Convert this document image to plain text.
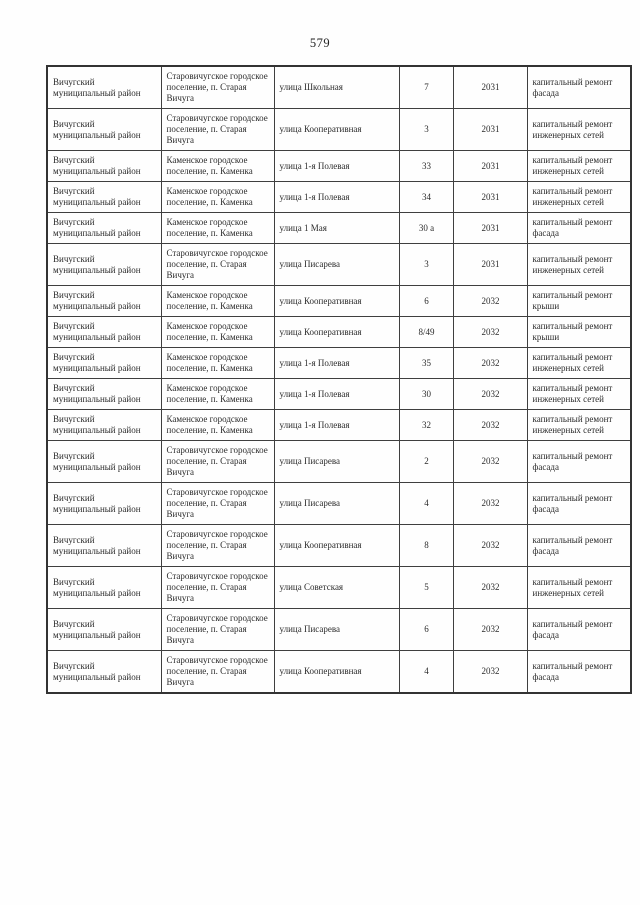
579
Вичугский муниципальный район	Старовичугское городское поселение, п. Старая Вичуга	улица Школьная	7	2031	капитальный ремонт фасада
Вичугский муниципальный район	Старовичугское городское поселение, п. Старая Вичуга	улица Кооперативная	3	2031	капитальный ремонт инженерных сетей
Вичугский муниципальный район	Каменское городское поселение, п. Каменка	улица 1-я Полевая	33	2031	капитальный ремонт инженерных сетей
Вичугский муниципальный район	Каменское городское поселение, п. Каменка	улица 1-я Полевая	34	2031	капитальный ремонт инженерных сетей
Вичугский муниципальный район	Каменское городское поселение, п. Каменка	улица 1 Мая	30 а	2031	капитальный ремонт фасада
Вичугский муниципальный район	Старовичугское городское поселение, п. Старая Вичуга	улица Писарева	3	2031	капитальный ремонт инженерных сетей
Вичугский муниципальный район	Каменское городское поселение, п. Каменка	улица Кооперативная	6	2032	капитальный ремонт крыши
Вичугский муниципальный район	Каменское городское поселение, п. Каменка	улица Кооперативная	8/49	2032	капитальный ремонт крыши
Вичугский муниципальный район	Каменское городское поселение, п. Каменка	улица 1-я Полевая	35	2032	капитальный ремонт инженерных сетей
Вичугский муниципальный район	Каменское городское поселение, п. Каменка	улица 1-я Полевая	30	2032	капитальный ремонт инженерных сетей
Вичугский муниципальный район	Каменское городское поселение, п. Каменка	улица 1-я Полевая	32	2032	капитальный ремонт инженерных сетей
Вичугский муниципальный район	Старовичугское городское поселение, п. Старая Вичуга	улица Писарева	2	2032	капитальный ремонт фасада
Вичугский муниципальный район	Старовичугское городское поселение, п. Старая Вичуга	улица Писарева	4	2032	капитальный ремонт фасада
Вичугский муниципальный район	Старовичугское городское поселение, п. Старая Вичуга	улица Кооперативная	8	2032	капитальный ремонт фасада
Вичугский муниципальный район	Старовичугское городское поселение, п. Старая Вичуга	улица Советская	5	2032	капитальный ремонт инженерных сетей
Вичугский муниципальный район	Старовичугское городское поселение, п. Старая Вичуга	улица Писарева	6	2032	капитальный ремонт фасада
Вичугский муниципальный район	Старовичугское городское поселение, п. Старая Вичуга	улица Кооперативная	4	2032	капитальный ремонт фасада
